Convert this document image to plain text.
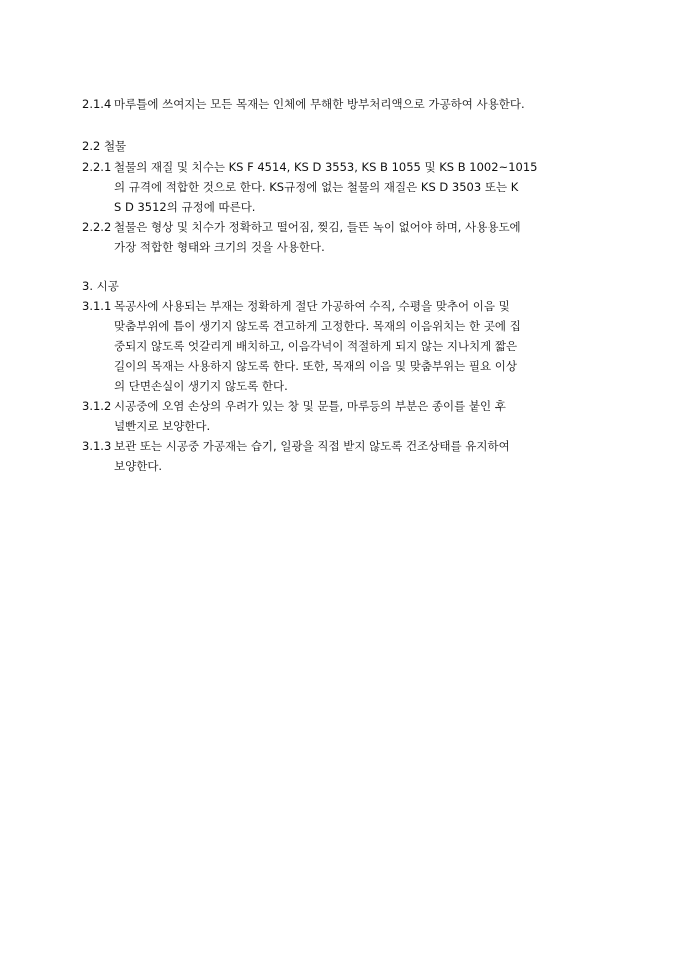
2.1.4 마루틀에 쓰여지는 모든 목재는 인체에 무해한 방부처리액으로 가공하여 사용한다.
2.2 철물
2.2.1 철물의 재질 및 치수는 KS F 4514, KS D 3553, KS B 1055 및 KS B 1002~1015
의 규격에 적합한 것으로 한다. KS규정에 없는 철물의 재질은 KS D 3503 또는 K
S D 3512의 규정에 따른다.
2.2.2 철물은 형상 및 치수가 정확하고 떨어짐, 찢김, 들뜬 녹이 없어야 하며, 사용용도에
가장 적합한 형태와 크기의 것을 사용한다.
3. 시공
3.1.1 목공사에 사용되는 부재는 정확하게 절단 가공하여 수직, 수평을 맞추어 이음 및
맞춤부위에 틈이 생기지 않도록 견고하게 고정한다. 목재의 이음위치는 한 곳에 집
중되지 않도록 엇갈리게 배치하고, 이음각넉이 적절하게 되지 않는 지나치게 짧은
길이의 목재는 사용하지 않도록 한다. 또한, 목재의 이음 및 맞춤부위는 필요 이상
의 단면손실이 생기지 않도록 한다.
3.1.2 시공중에 오염 손상의 우려가 있는 창 및 문틀, 마루등의 부분은 종이를 붙인 후
널빤지로 보양한다.
3.1.3 보관 또는 시공중 가공재는 습기, 일광을 직접 받지 않도록 건조상태를 유지하여
보양한다.
